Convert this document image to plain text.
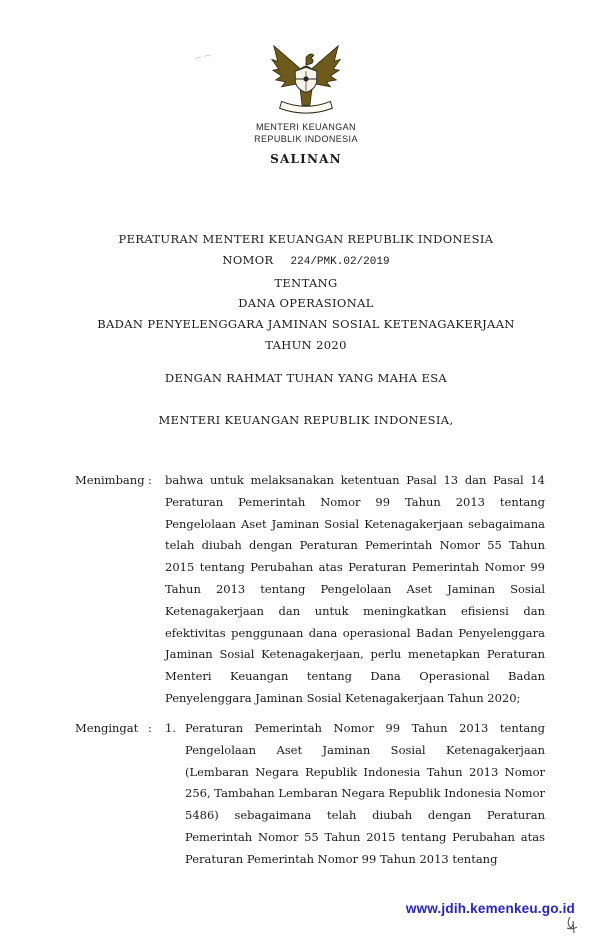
MENTERI KEUANGAN
REPUBLIK INDONESIA
SALINAN
PERATURAN MENTERI KEUANGAN REPUBLIK INDONESIA
NOMOR 224/PMK.02/2019
TENTANG
DANA OPERASIONAL
BADAN PENYELENGGARA JAMINAN SOSIAL KETENAGAKERJAAN
TAHUN 2020
DENGAN RAHMAT TUHAN YANG MAHA ESA
MENTERI KEUANGAN REPUBLIK INDONESIA,
Menimbang :	bahwa untuk melaksanakan ketentuan Pasal 13 dan Pasal 14 Peraturan Pemerintah Nomor 99 Tahun 2013 tentang Pengelolaan Aset Jaminan Sosial Ketenagakerjaan sebagaimana telah diubah dengan Peraturan Pemerintah Nomor 55 Tahun 2015 tentang Perubahan atas Peraturan Pemerintah Nomor 99 Tahun 2013 tentang Pengelolaan Aset Jaminan Sosial Ketenagakerjaan dan untuk meningkatkan efisiensi dan efektivitas penggunaan dana operasional Badan Penyelenggara Jaminan Sosial Ketenagakerjaan, perlu menetapkan Peraturan Menteri Keuangan tentang Dana Operasional Badan Penyelenggara Jaminan Sosial Ketenagakerjaan Tahun 2020;
Mengingat :	1. Peraturan Pemerintah Nomor 99 Tahun 2013 tentang Pengelolaan Aset Jaminan Sosial Ketenagakerjaan (Lembaran Negara Republik Indonesia Tahun 2013 Nomor 256, Tambahan Lembaran Negara Republik Indonesia Nomor 5486) sebagaimana telah diubah dengan Peraturan Pemerintah Nomor 55 Tahun 2015 tentang Perubahan atas Peraturan Pemerintah Nomor 99 Tahun 2013 tentang
www.jdih.kemenkeu.go.id
